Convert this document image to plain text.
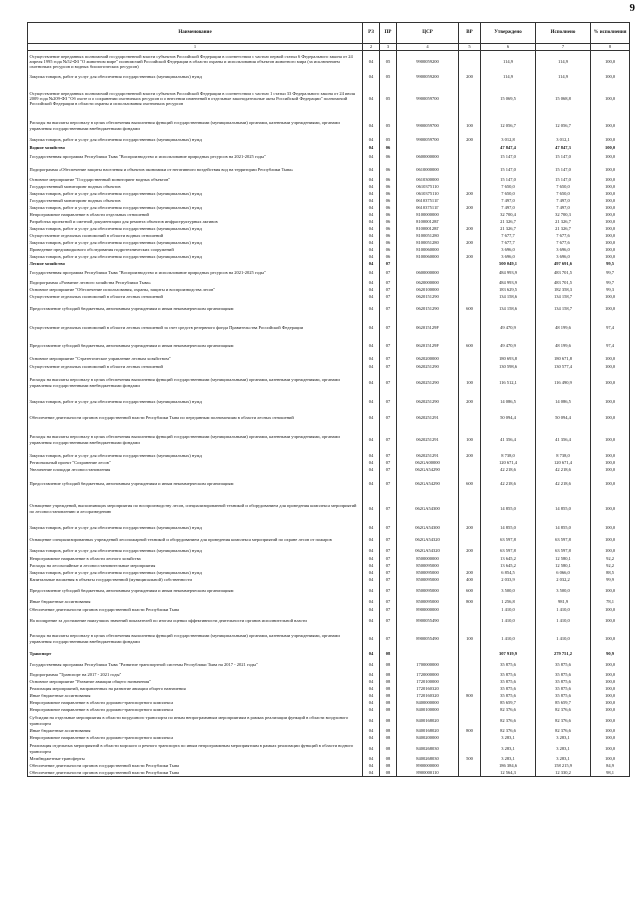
9
Наименование	РЗ	ПР	ЦСР	ВР	Утверждено	Исполнено	% исполнения
1	2	3	4	5	6	7	8
Осуществление переданных полномочий государственной власти субъектов Российской Федерации в соответствии с частью первой статьи 6 Федерального закона от 24 апреля 1995 года №52-ФЗ "О животном мире" полномочий Российской Федерации в области охраны и использования объектов животного мира (за исключением охотничьих ресурсов и водных биологических ресурсов)	04	05	9900059200		114,9	114,9	100,0
Закупка товаров, работ и услуг для обеспечения государственных (муниципальных) нужд	04	05	9900059200	200	114,9	114,9	100,0
Осуществление переданных полномочий государственной власти субъектов Российской Федерации в соответствии с частью 1 статьи 33 Федерального закона от 24 июля 2009 года №209-ФЗ "Об охоте и о сохранении охотничьих ресурсов и о внесении изменений в отдельные законодательные акты Российской Федерации" полномочий Российской Федерации в области охраны и использования охотничьих ресурсов	04	05	9900059700		15 069,5	15 068,8	100,0
Расходы на выплаты персоналу в целях обеспечения выполнения функций государственными (муниципальными) органами, казенными учреждениями, органами управления государственными внебюджетными фондами	04	05	9900059700	100	12 056,7	12 056,7	100,0
Закупка товаров, работ и услуг для обеспечения государственных (муниципальных) нужд	04	05	9900059700	200	3 012,8	3 012,1	100,0
Водное хозяйство	04	06			47 847,4	47 847,3	100,0
Государственная программа Республики Тыва "Воспроизводство и использование природных ресурсов на 2021-2025 годы"	04	06	0600000000		15 147,0	15 147,0	100,0
Подпрограмма «Обеспечение защиты населения и объектов экономики от негативного воздействия вод на территории Республики Тыва»	04	06	0610000000		15 147,0	15 147,0	100,0
Основное мероприятие "Государственный мониторинг водных объектов"	04	06	0610300000		15 147,0	15 147,0	100,0
Государственный мониторинг водных объектов	04	06	0610375110		7 650,0	7 650,0	100,0
Закупка товаров, работ и услуг для обеспечения государственных (муниципальных) нужд	04	06	0610375110	200	7 650,0	7 650,0	100,0
Государственный мониторинг водных объектов	04	06	061037511Г		7 497,0	7 497,0	100,0
Закупка товаров, работ и услуг для обеспечения государственных (муниципальных) нужд	04	06	061037511Г	200	7 497,0	7 497,0	100,0
Непрограммное направление в области отдельных отношений	04	06	8100000000		32 700,4	32 700,3	100,0
Разработка проектной и сметной документации для ремонта объектов инфраструктурных активов	04	06	810000128Г		21 326,7	21 326,7	100,0
Закупка товаров, работ и услуг для обеспечения государственных (муниципальных) нужд	04	06	810000128Г	200	21 326,7	21 326,7	100,0
Осуществление отдельных полномочий в области водных отношений	04	06	8100051280		7 677,7	7 677,6	100,0
Закупка товаров, работ и услуг для обеспечения государственных (муниципальных) нужд	04	06	8100051280	200	7 677,7	7 677,6	100,0
Проведение предпаводкового обследования гидротехнических сооружений	04	06	8100060000		3 696,0	3 696,0	100,0
Закупка товаров, работ и услуг для обеспечения государственных (муниципальных) нужд	04	06	8100060000	200	3 696,0	3 696,0	100,0
Лесное хозяйство	04	07			500 049,1	497 691,6	99,5
Государственная программа Республики Тыва "Воспроизводство и использование природных ресурсов на 2021-2025 годы"	04	07	0600000000		484 993,9	483 701,5	99,7
Подпрограмма «Развитие лесного хозяйства Республики Тыва»	04	07	0620000000		484 993,9	483 701,5	99,7
Основное мероприятие "Обеспечение использования, охраны, защиты и воспроизводства лесов"	04	07	0620100000		183 629,5	182 358,3	99,3
Осуществление отдельных полномочий в области лесных отношений	04	07	0620151290		134 158,6	134 158,7	100,0
Предоставление субсидий бюджетным, автономным учреждениям и иным некоммерческим организациям	04	07	0620151290	600	134 158,6	134 158,7	100,0
Осуществление отдельных полномочий в области лесных отношений за счет средств резервного фонда Правительства Российской Федерации	04	07	062015129F		49 470,9	48 199,6	97,4
Предоставление субсидий бюджетным, автономным учреждениям и иным некоммерческим организациям	04	07	062015129F	600	49 470,9	48 199,6	97,4
Основное мероприятие "Стратегическое управление лесным хозяйством"	04	07	0620200000		180 693,8	180 671,8	100,0
Осуществление отдельных полномочий в области лесных отношений	04	07	0620251290		130 598,6	130 577,4	100,0
Расходы на выплаты персоналу в целях обеспечения выполнения функций государственными (муниципальными) органами, казенными учреждениями, органами управления государственными внебюджетными фондами	04	07	0620251290	100	116 512,1	116 490,9	100,0
Закупка товаров, работ и услуг для обеспечения государственных (муниципальных) нужд	04	07	0620251290	200	14 086,5	14 086,5	100,0
Обеспечение деятельности органов государственной власти Республики Тыва по переданным полномочиям в области лесных отношений	04	07	0620251291		50 094,4	50 094,4	100,0
Расходы на выплаты персоналу в целях обеспечения выполнения функций государственными (муниципальными) органами, казенными учреждениями, органами управления государственными внебюджетными фондами	04	07	0620251291	100	41 356,4	41 356,4	100,0
Закупка товаров, работ и услуг для обеспечения государственных (муниципальных) нужд	04	07	0620251291	200	8 738,0	8 738,0	100,0
Региональный проект "Сохранение лесов"	04	07	062GA00000		120 671,4	120 671,4	100,0
Увеличение площади лесовосстановления	04	07	062GA54290		42 218,6	42 218,6	100,0
Предоставление субсидий бюджетным, автономным учреждениям и иным некоммерческим организациям	04	07	062GA54290	600	42 218,6	42 218,6	100,0
Оснащение учреждений, выполняющих мероприятия по воспроизводству лесов, специализированной техникой и оборудованием для проведения комплекса мероприятий по лесовосстановлению и лесоразведению	04	07	062GA54300		14 855,0	14 855,0	100,0
Закупка товаров, работ и услуг для обеспечения государственных (муниципальных) нужд	04	07	062GA54300	200	14 855,0	14 855,0	100,0
Оснащение специализированных учреждений лесопожарной техникой и оборудованием для проведения комплекса мероприятий по охране лесов от пожаров	04	07	062GA54320		63 597,8	63 597,8	100,0
Закупка товаров, работ и услуг для обеспечения государственных (муниципальных) нужд	04	07	062GA54320	200	63 597,8	63 597,8	100,0
Непрограммное направление в области лесного хозяйства	04	07	8500000000		13 645,2	12 580,1	92,2
Расходы на лесохозяйные и лесовосстановительные мероприятия	04	07	8500095000		13 645,2	12 580,1	92,2
Закупка товаров, работ и услуг для обеспечения государственных (муниципальных) нужд	04	07	8500095000	200	6 854,5	6 066,0	88,5
Капитальные вложения в объекты государственной (муниципальной) собственности	04	07	8500095000	400	2 033,9	2 032,2	99,9
Предоставление субсидий бюджетным, автономным учреждениям и иным некоммерческим организациям	04	07	8500095000	600	3 500,0	3 500,0	100,0
Иные бюджетные ассигнования	04	07	8500095000	800	1 256,8	981,9	78,1
Обеспечение деятельности органов государственной власти Республики Тыва	04	07	8900000000		1 410,0	1 410,0	100,0
На поощрение за достижение наилучших значений показателей по итогам оценки эффективности деятельности органов исполнительной власти	04	07	8900055490		1 410,0	1 410,0	100,0
Расходы на выплаты персоналу в целях обеспечения выполнения функций государственными (муниципальными) органами, казенными учреждениями, органами управления государственными внебюджетными фондами	04	07	8900055490	100	1 410,0	1 410,0	100,0
Транспорт	04	08			307 919,9	279 751,2	90,9
Государственная программа Республики Тыва "Развитие транспортной системы Республики Тыва на 2017 - 2021 годы"	04	08	1700000000		35 875,6	35 875,6	100,0
Подпрограмма "Транспорт на 2017 - 2021 годы"	04	08	1720000000		35 875,6	35 875,6	100,0
Основное мероприятие "Развитие авиации общего назначения"	04	08	1720100000		35 875,6	35 875,6	100,0
Реализация мероприятий, направленных на развитие авиации общего назначения	04	08	1720160320		35 875,6	35 875,6	100,0
Иные бюджетные ассигнования	04	08	1720160320	800	35 875,6	35 875,6	100,0
Непрограммное направление в области дорожно-транспортного комплекса	04	08	8400000000		85 659,7	85 659,7	100,0
Непрограммное направление в области дорожно-транспортного комплекса	04	08	8400100000		82 376,6	82 376,6	100,0
Субсидии на отдельные мероприятия в области воздушного транспорта по иным непрограммным мероприятиям в рамках реализации функций в области воздушного транспорта	04	08	8400168020		82 376,6	82 376,6	100,0
Иные бюджетные ассигнования	04	08	8400168020	800	82 376,6	82 376,6	100,0
Непрограммное направление в области дорожно-транспортного комплекса	04	08	8400200000		3 283,1	3 283,1	100,0
Реализация отдельных мероприятий в области морского и речного транспорта по иным непрограммным мероприятиям в рамках реализации функций в области водного транспорта	04	08	8400268030		3 283,1	3 283,1	100,0
Межбюджетные трансферты	04	08	8400268030	500	3 283,1	3 283,1	100,0
Обеспечение деятельности органов государственной власти Республики Тыва	04	08	8900000000		186 384,6	158 215,9	84,9
Обеспечение деятельности органов государственной власти Республики Тыва	04	08	8900000110		12 564,3	12 330,2	98,1
